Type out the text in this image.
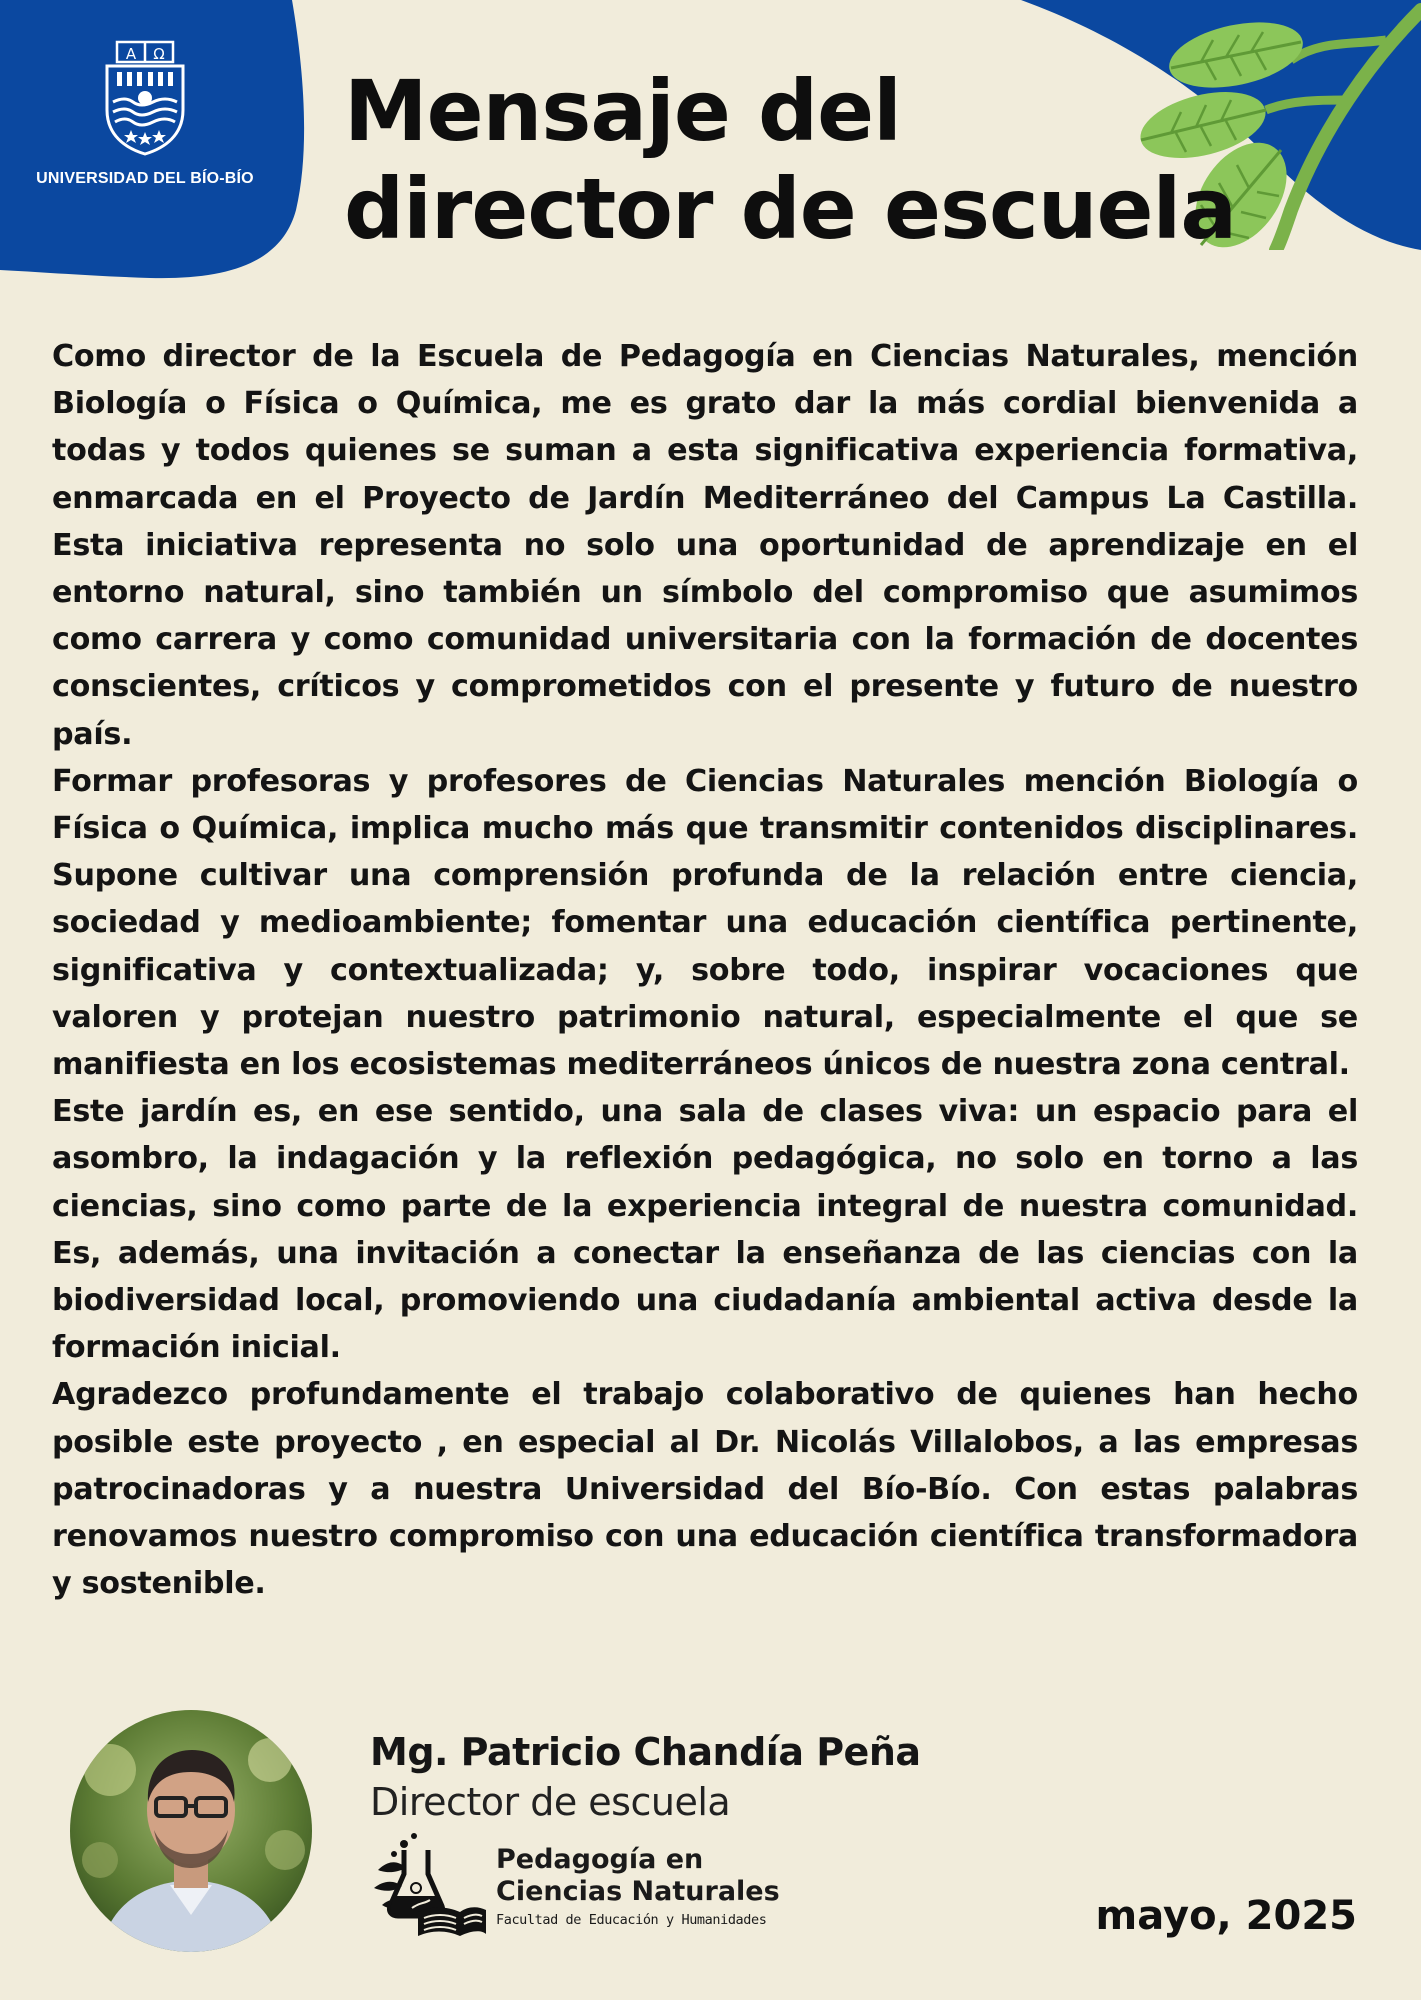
A Ω
UNIVERSIDAD DEL BÍO-BÍO
Mensaje del
director de escuela

Como director de la Escuela de Pedagogía en Ciencias Naturales, mención Biología o Física o Química, me es grato dar la más cordial bienvenida a todas y todos quienes se suman a esta significativa experiencia formativa, enmarcada en el Proyecto de Jardín Mediterráneo del Campus La Castilla. Esta iniciativa representa no solo una oportunidad de aprendizaje en el entorno natural, sino también un símbolo del compromiso que asumimos como carrera y como comunidad universitaria con la formación de docentes conscientes, críticos y comprometidos con el presente y futuro de nuestro país.

Formar profesoras y profesores de Ciencias Naturales mención Biología o Física o Química, implica mucho más que transmitir contenidos disciplinares. Supone cultivar una comprensión profunda de la relación entre ciencia, sociedad y medioambiente; fomentar una educación científica pertinente, significativa y contextualizada; y, sobre todo, inspirar vocaciones que valoren y protejan nuestro patrimonio natural, especialmente el que se manifiesta en los ecosistemas mediterráneos únicos de nuestra zona central.

Este jardín es, en ese sentido, una sala de clases viva: un espacio para el asombro, la indagación y la reflexión pedagógica, no solo en torno a las ciencias, sino como parte de la experiencia integral de nuestra comunidad. Es, además, una invitación a conectar la enseñanza de las ciencias con la biodiversidad local, promoviendo una ciudadanía ambiental activa desde la formación inicial.

Agradezco profundamente el trabajo colaborativo de quienes han hecho posible este proyecto , en especial al Dr. Nicolás Villalobos, a las empresas patrocinadoras y a nuestra Universidad del Bío-Bío. Con estas palabras renovamos nuestro compromiso con una educación científica transformadora y sostenible.

Mg. Patricio Chandía Peña
Director de escuela
Pedagogía en
Ciencias Naturales
Facultad de Educación y Humanidades	mayo, 2025
